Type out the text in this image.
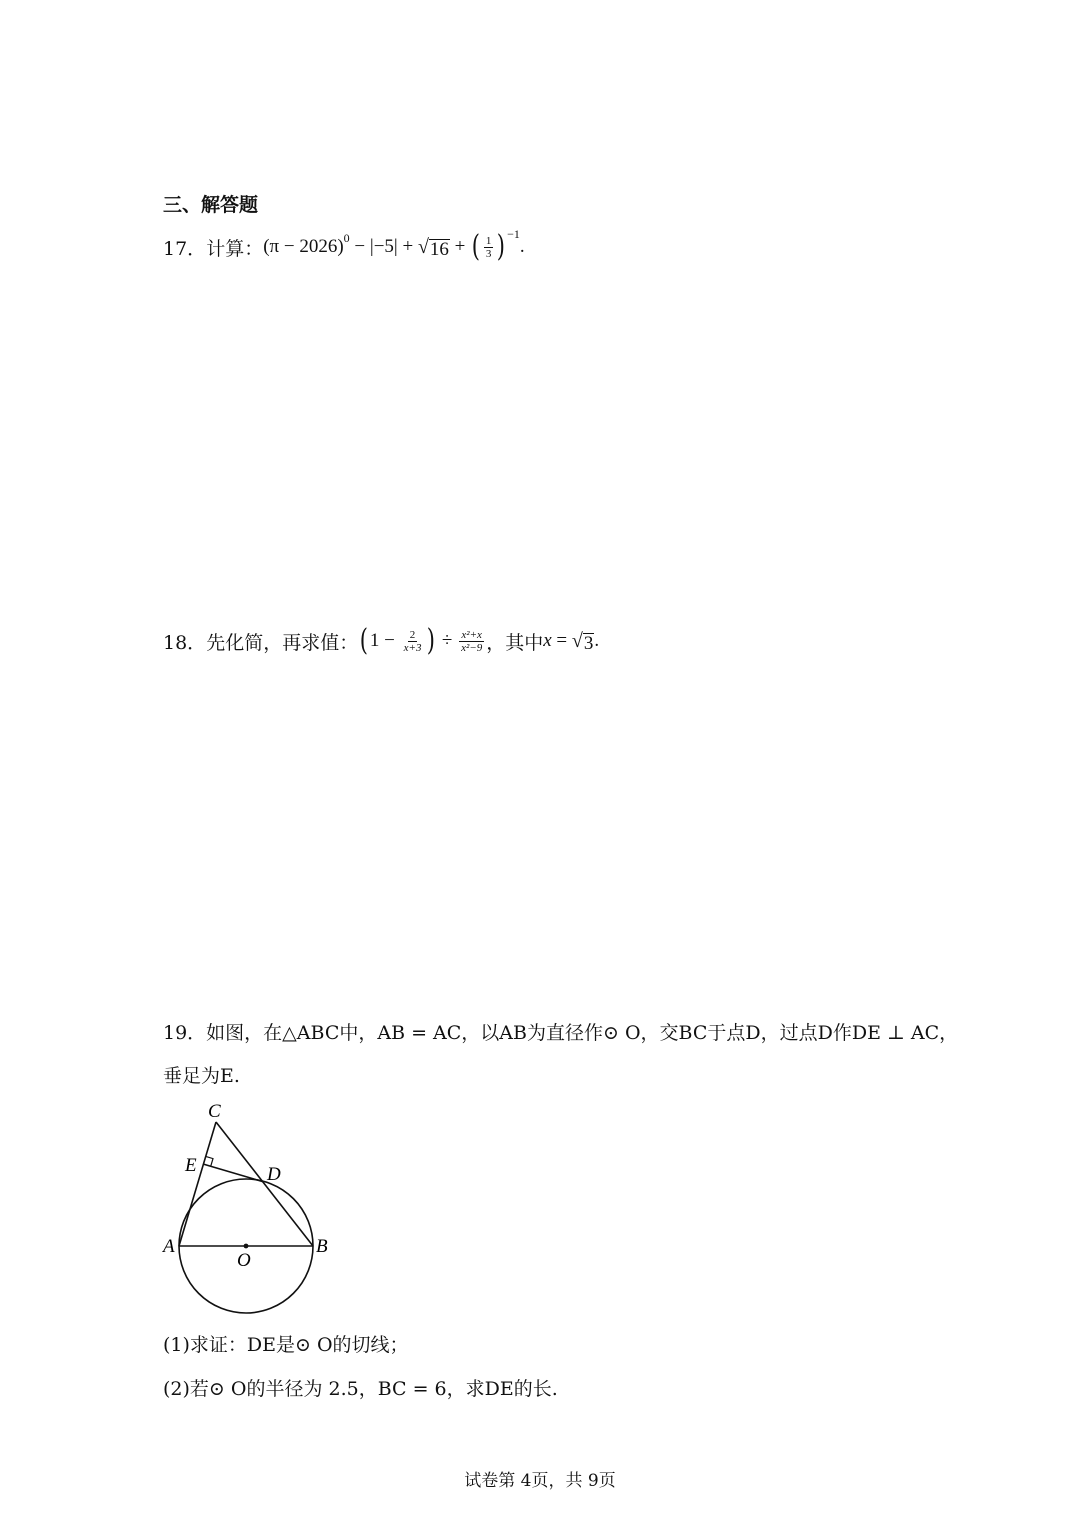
三、解答题
17． 计算： (π − 2026) 0 − |−5| + √ 16 + ( $\frac{1}{3}$ ) −1
.
18． 先化简，再求值： ( $1 - \frac{2}{x+3}$ ) ÷ $\frac{\text{x²+x}}{\text{x²−9}}$ ，其中 x = √ 3 .
19．如图，在△ABC中，AB = AC，以AB为直径作⊙ O，交BC于点D，过点D作DE ⊥ AC，
垂足为E.
C
E	D
A	B
O
(1)求证：DE是⊙ O的切线；
(2)若⊙ O的半径为 2.5，BC = 6，求DE的长.
试卷第 4页，共 9页
